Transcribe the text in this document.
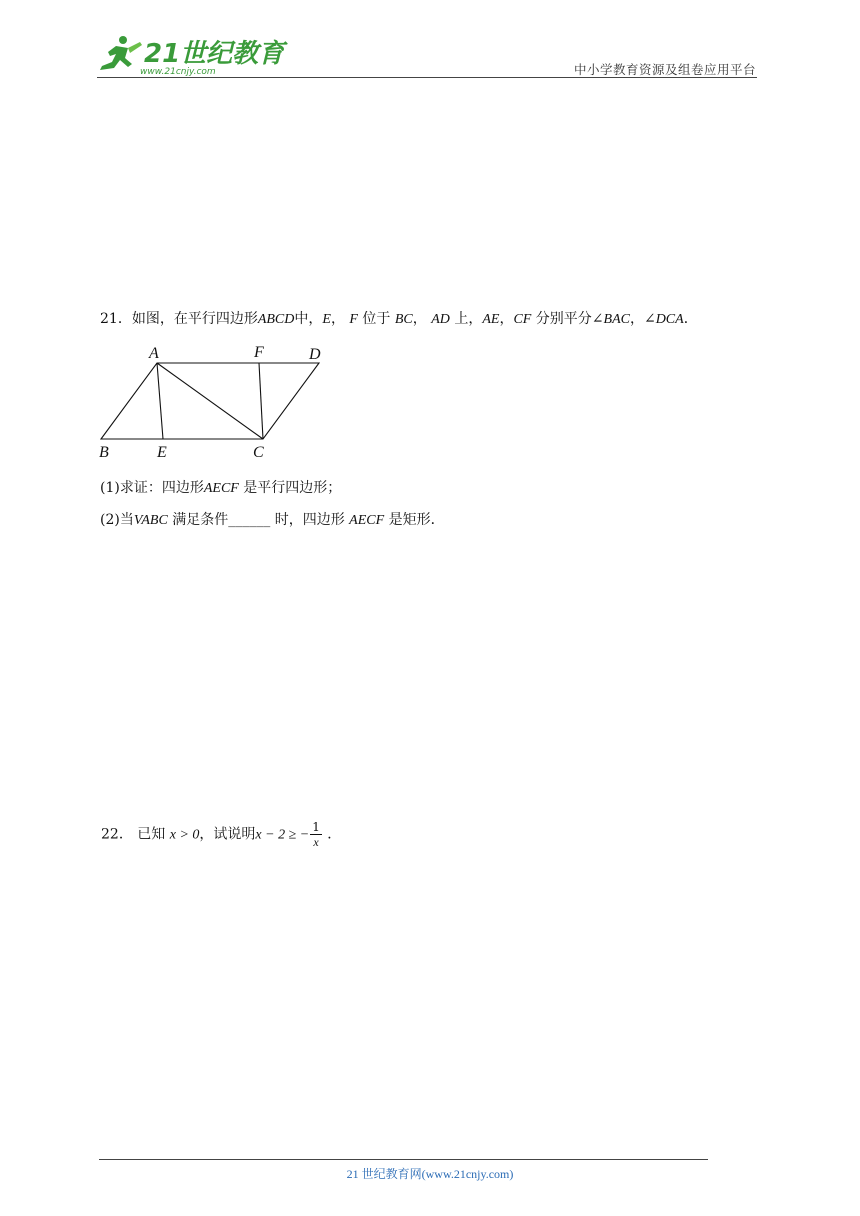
21世纪教育
www.21cnjy.com	中小学教育资源及组卷应用平台
21．如图，在平行四边形ABCD中，E， F 位于 BC， AD 上，AE，CF 分别平分∠BAC，∠DCA．
A	F	D
B	E	C
(1)求证：四边形AECF 是平行四边形；
(2)当VABC 满足条件______ 时，四边形 AECF 是矩形．
22． 已知 x > 0，试说明x − 2 ≥ − $\frac{1}{x}$ ．
21 世纪教育网(www.21cnjy.com)
